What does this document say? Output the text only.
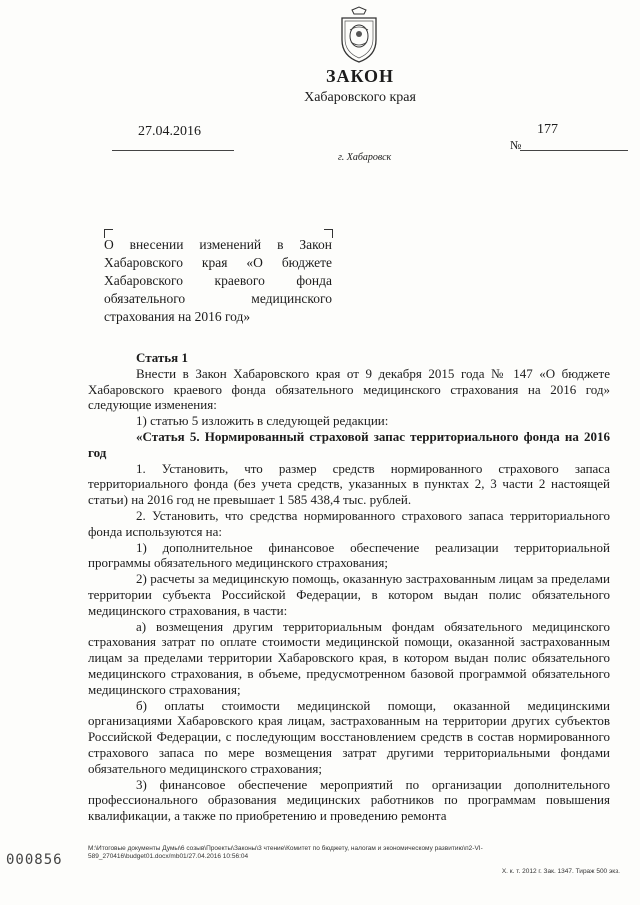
ЗАКОН
Хабаровского края
27.04.2016
№
177
г. Хабаровск
О внесении изменений в Закон Хабаровского края «О бюджете Хабаровского краевого фонда обязательного медицинского страхования на 2016 год»

Статья 1

Внести в Закон Хабаровского края от 9 декабря 2015 года № 147 «О бюджете Хабаровского краевого фонда обязательного медицинского страхования на 2016 год» следующие изменения:

1) статью 5 изложить в следующей редакции:

«Статья 5. Нормированный страховой запас территориального фонда на 2016 год

1. Установить, что размер средств нормированного страхового запаса территориального фонда (без учета средств, указанных в пунктах 2, 3 части 2 настоящей статьи) на 2016 год не превышает 1 585 438,4 тыс. рублей.

2. Установить, что средства нормированного страхового запаса территориального фонда используются на:

1) дополнительное финансовое обеспечение реализации территориальной программы обязательного медицинского страхования;

2) расчеты за медицинскую помощь, оказанную застрахованным лицам за пределами территории субъекта Российской Федерации, в котором выдан полис обязательного медицинского страхования, в части:

а) возмещения другим территориальным фондам обязательного медицинского страхования затрат по оплате стоимости медицинской помощи, оказанной застрахованным лицам за пределами территории Хабаровского края, в котором выдан полис обязательного медицинского страхования, в объеме, предусмотренном базовой программой обязательного медицинского страхования;

б) оплаты стоимости медицинской помощи, оказанной медицинскими организациями Хабаровского края лицам, застрахованным на территории других субъектов Российской Федерации, с последующим восстановлением средств в состав нормированного страхового запаса по мере возмещения затрат другими территориальными фондами обязательного медицинского страхования;

3) финансовое обеспечение мероприятий по организации дополнительного профессионального образования медицинских работников по программам повышения квалификации, а также по приобретению и проведению ремонта

М:\Итоговые документы Думы\6 созыв\Проекты\Законы\3 чтение\Комитет по бюджету, налогам и экономическому развитию\п2-VI-
589_270416\budget01.docx/mb01/27.04.2016 10:56:04
000856
Х. к. т. 2012 г. Зак. 1347. Тираж 500 экз.
